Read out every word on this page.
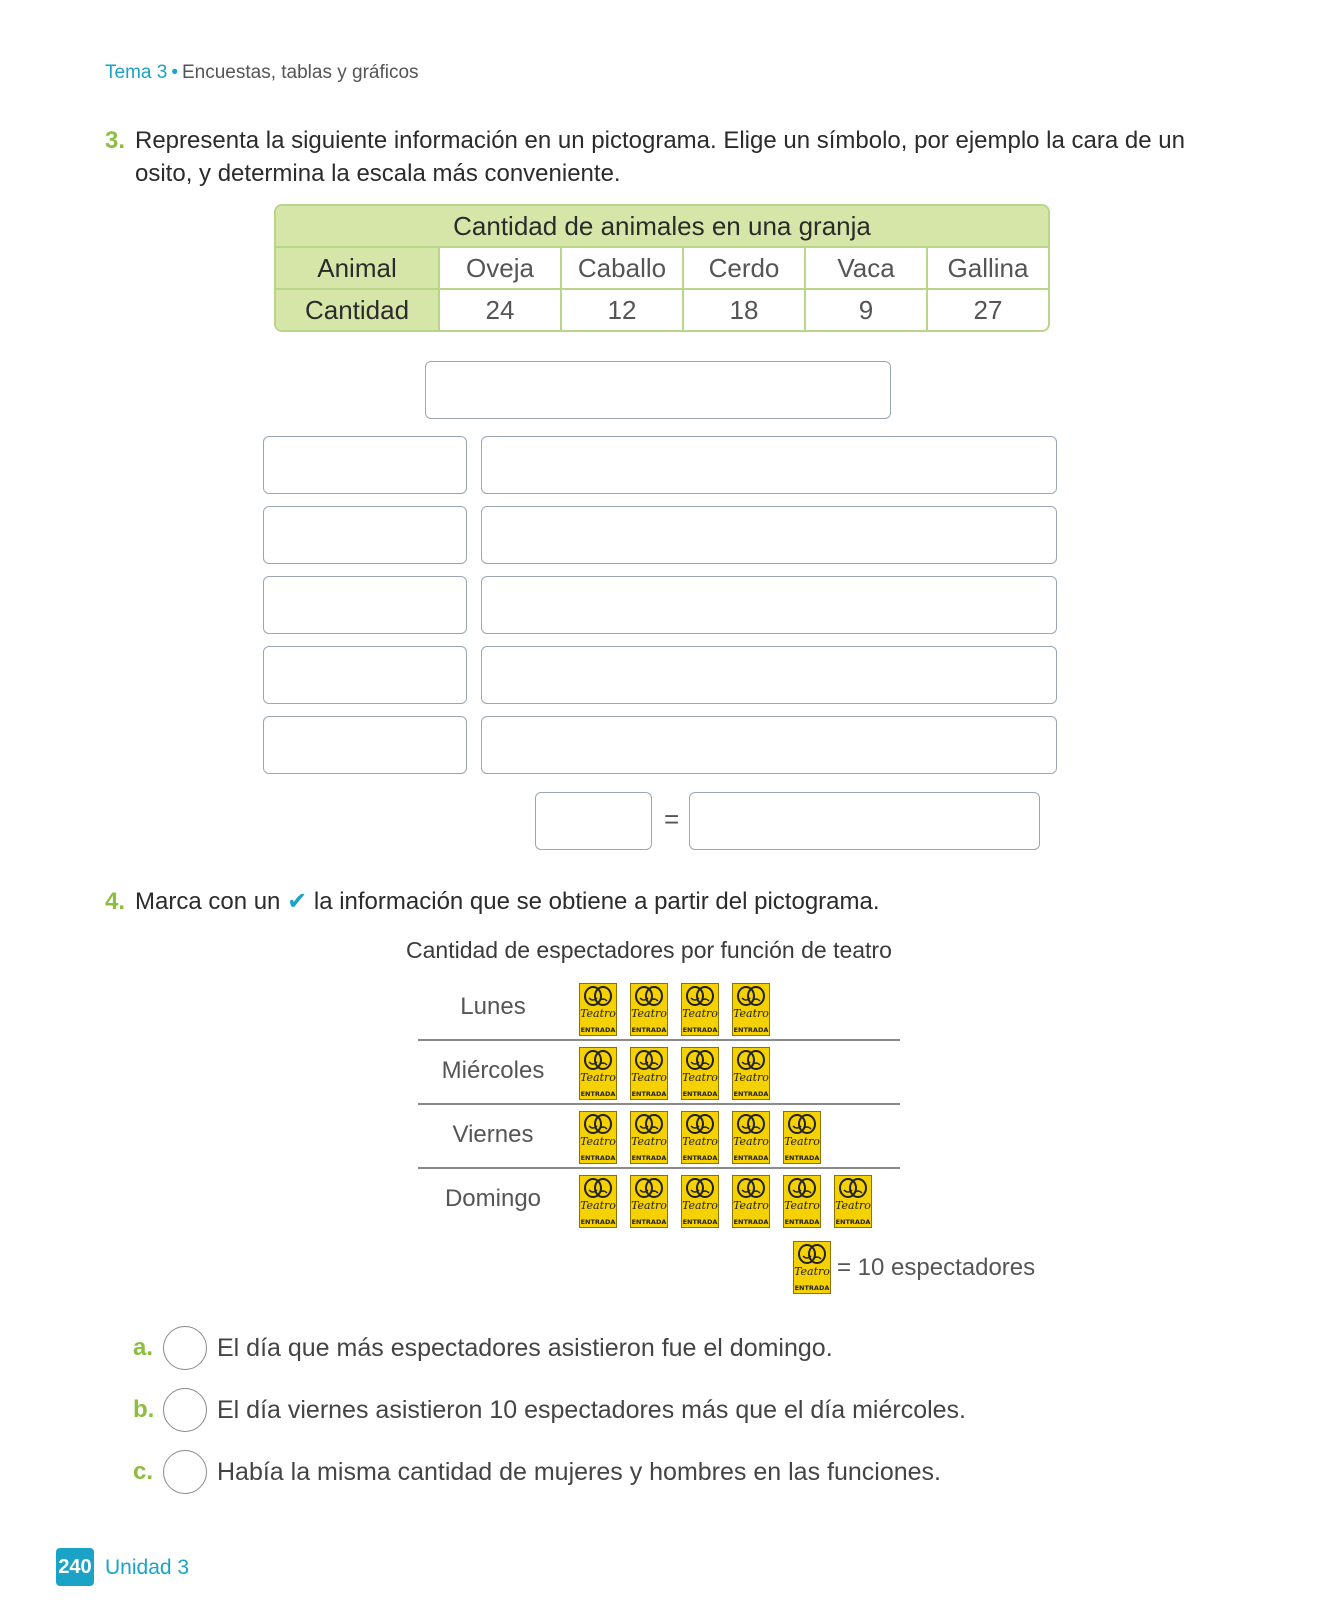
Tema 3 • Encuestas, tablas y gráficos
3. Representa la siguiente información en un pictograma. Elige un símbolo, por ejemplo la cara de un osito, y determina la escala más conveniente.
Cantidad de animales en una granja
Animal	Oveja	Caballo	Cerdo	Vaca	Gallina
Cantidad	24	12	18	9	27
=
4. Marca con un ✔ la información que se obtiene a partir del pictograma.
Cantidad de espectadores por función de teatro
Lunes	Teatro
ENTRADA
Teatro
ENTRADA
Teatro
ENTRADA
Teatro
ENTRADA
Miércoles	Teatro
ENTRADA
Teatro
ENTRADA
Teatro
ENTRADA
Teatro
ENTRADA
Viernes	Teatro
ENTRADA
Teatro
ENTRADA
Teatro
ENTRADA
Teatro
ENTRADA
Teatro
ENTRADA
Domingo	Teatro
ENTRADA
Teatro
ENTRADA
Teatro
ENTRADA
Teatro
ENTRADA
Teatro
ENTRADA
Teatro
ENTRADA
Teatro
ENTRADA
= 10 espectadores
a.	El día que más espectadores asistieron fue el domingo.
b.	El día viernes asistieron 10 espectadores más que el día miércoles.
c.	Había la misma cantidad de mujeres y hombres en las funciones.
240 Unidad 3
